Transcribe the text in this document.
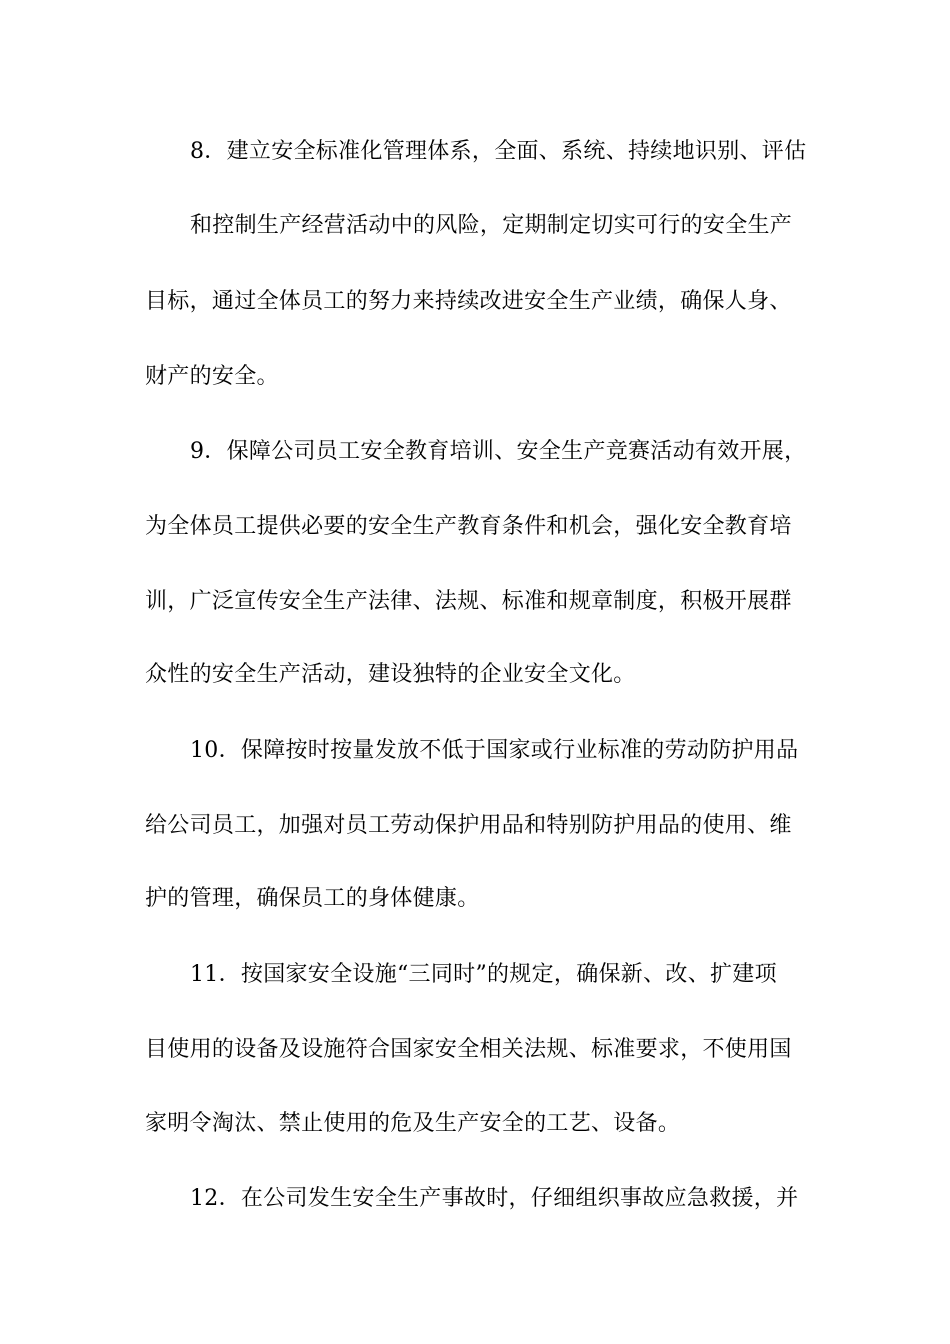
8．建立安全标准化管理体系，全面、系统、持续地识别、评估
和控制生产经营活动中的风险，定期制定切实可行的安全生产
目标，通过全体员工的努力来持续改进安全生产业绩，确保人身、
财产的安全。
9．保障公司员工安全教育培训、安全生产竞赛活动有效开展，
为全体员工提供必要的安全生产教育条件和机会，强化安全教育培
训，广泛宣传安全生产法律、法规、标准和规章制度，积极开展群
众性的安全生产活动，建设独特的企业安全文化。
10．保障按时按量发放不低于国家或行业标准的劳动防护用品
给公司员工，加强对员工劳动保护用品和特别防护用品的使用、维
护的管理，确保员工的身体健康。
11．按国家安全设施“三同时”的规定，确保新、改、扩建项
目使用的设备及设施符合国家安全相关法规、标准要求，不使用国
家明令淘汰、禁止使用的危及生产安全的工艺、设备。
12．在公司发生安全生产事故时，仔细组织事故应急救援，并
